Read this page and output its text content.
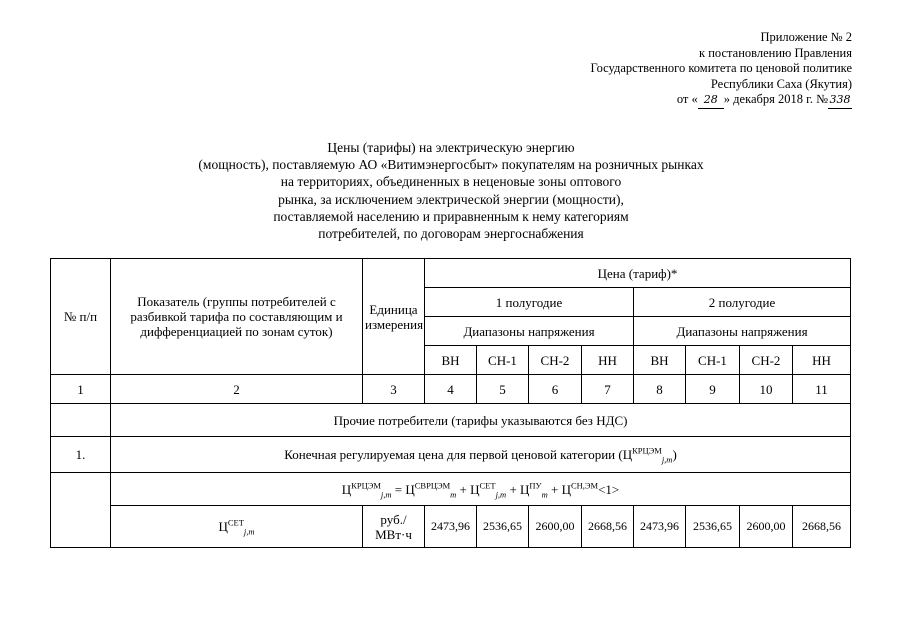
Приложение № 2
к постановлению Правления
Государственного комитета по ценовой политике
Республики Саха (Якутия)
от « 28 » декабря 2018 г. № 338
Цены (тарифы) на электрическую энергию
(мощность), поставляемую АО «Витимэнергосбыт» покупателям на розничных рынках
на территориях, объединенных в неценовые зоны оптового
рынка, за исключением электрической энергии (мощности),
поставляемой населению и приравненным к нему категориям
потребителей, по договорам энергоснабжения
№ п/п	Показатель (группы потребителей с разбивкой тарифа по составляющим и дифференциацией по зонам суток)	Единица измерения	Цена (тариф)*							
			1 полугодие				2 полугодие			
			Диапазоны напряжения				Диапазоны напряжения			
			ВН	СН-1	СН-2	НН	ВН	СН-1	СН-2	НН
1	2	3	4	5	6	7	8	9	10	11
	Прочие потребители (тарифы указываются без НДС)									
1.	Конечная регулируемая цена для первой ценовой категории $(Ц^{КРЦЭМ}_{j,m})$									
	$Ц^{КРЦЭМ}_{j,m} = Ц^{СВРЦЭМ}_m + Ц^{СЕТ}_{j,m} + Ц^{ПУ}_m + Ц^{СН,ЭМ}<1>$									
	$Ц^{СЕТ}_{j,m}$	руб./МВт·ч	2473,96	2536,65	2600,00	2668,56	2473,96	2536,65	2600,00	2668,56
